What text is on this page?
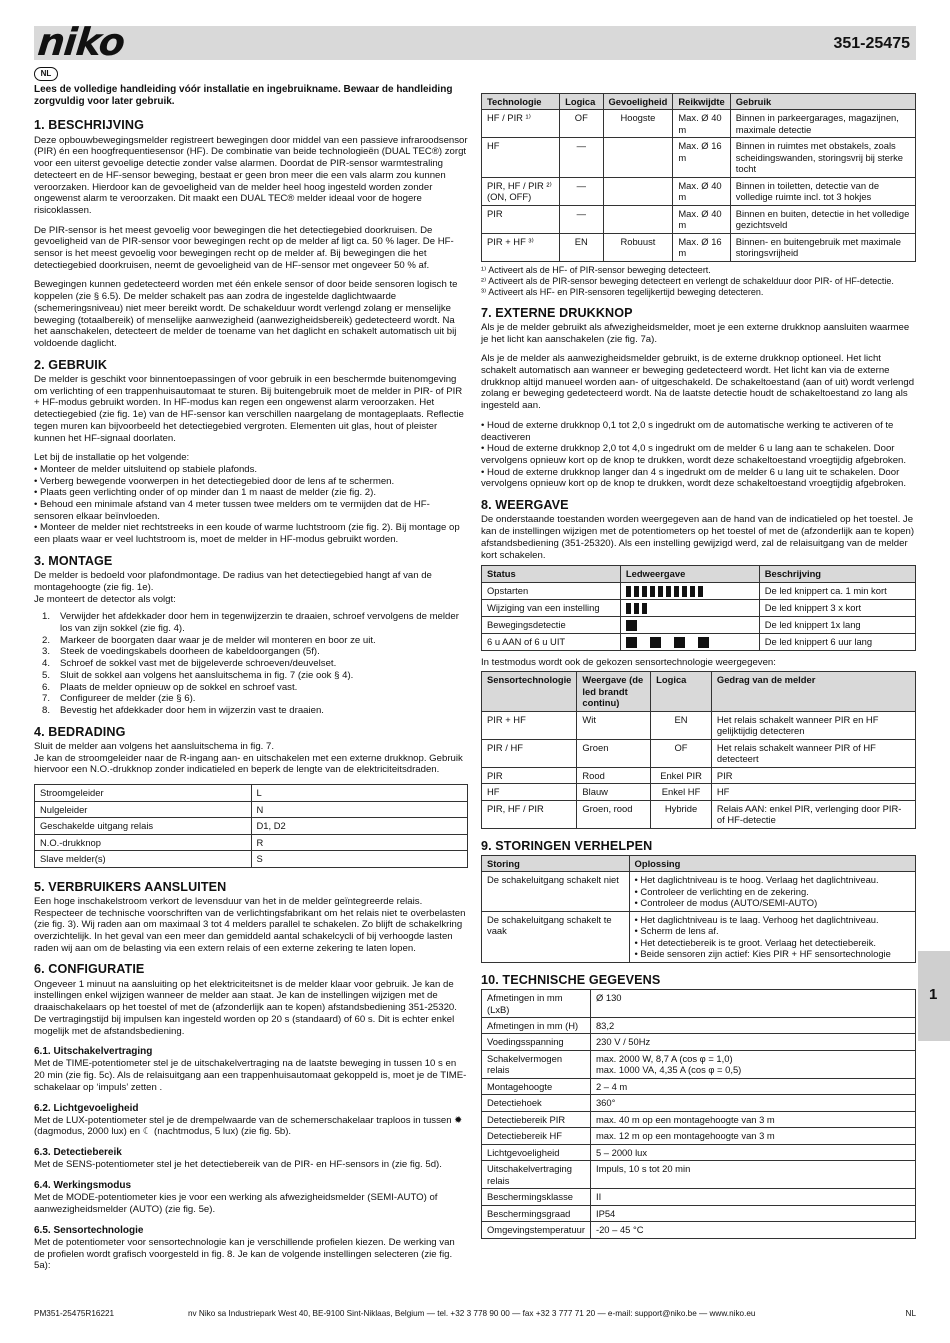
niko	351-25475
NL

Lees de volledige handleiding vóór installatie en ingebruikname. Bewaar de handleiding zorgvuldig voor later gebruik.

1. BESCHRIJVING

Deze opbouwbewegingsmelder registreert bewegingen door middel van een passieve infraroodsensor (PIR) én een hoogfrequentiesensor (HF). De combinatie van beide technologieën (DUAL TEC®) zorgt voor een uiterst gevoelige detectie zonder valse alarmen. Doordat de PIR-sensor warmtestraling detecteert en de HF-sensor beweging, bestaat er geen bron meer die een vals alarm zou kunnen veroorzaken. Hierdoor kan de gevoeligheid van de melder heel hoog ingesteld worden zonder ongewenst alarm te veroorzaken. Dit maakt een DUAL TEC® melder ideaal voor de hogere risicoklassen.

De PIR-sensor is het meest gevoelig voor bewegingen die het detectiegebied doorkruisen. De gevoeligheid van de PIR-sensor voor bewegingen recht op de melder af ligt ca. 50 % lager. De HF-sensor is het meest gevoelig voor bewegingen recht op de melder af. Bij bewegingen die het detectiegebied doorkruisen, neemt de gevoeligheid van de HF-sensor met ongeveer 50 % af.

Bewegingen kunnen gedetecteerd worden met één enkele sensor of door beide sensoren logisch te koppelen (zie § 6.5). De melder schakelt pas aan zodra de ingestelde daglichtwaarde (schemeringsniveau) niet meer bereikt wordt. De schakelduur wordt verlengd zolang er menselijke beweging (totaalbereik) of menselijke aanwezigheid (aanwezigheidsbereik) gedetecteerd wordt. Na het aanschakelen, detecteert de melder de toename van het daglicht en schakelt automatisch uit bij voldoende daglicht.

2. GEBRUIK

De melder is geschikt voor binnentoepassingen of voor gebruik in een beschermde buitenomgeving om verlichting of een trappenhuisautomaat te sturen. Bij buitengebruik moet de melder in PIR- of PIR + HF-modus gebruikt worden. In HF-modus kan regen een ongewenst alarm veroorzaken. Het detectiegebied (zie fig. 1e) van de HF-sensor kan verschillen naargelang de montageplaats. Reflectie tegen muren kan bijvoorbeeld het detectiegebied vergroten. Elementen uit glas, hout of pleister kunnen het HF-signaal doorlaten.

Let bij de installatie op het volgende:

• Monteer de melder uitsluitend op stabiele plafonds.
• Verberg bewegende voorwerpen in het detectiegebied door de lens af te schermen.
• Plaats geen verlichting onder of op minder dan 1 m naast de melder (zie fig. 2).
• Behoud een minimale afstand van 4 meter tussen twee melders om te vermijden dat de HF-sensoren elkaar beïnvloeden.
• Monteer de melder niet rechtstreeks in een koude of warme luchtstroom (zie fig. 2). Bij montage op een plaats waar er veel luchtstroom is, moet de melder in HF-modus gebruikt worden.
3. MONTAGE

De melder is bedoeld voor plafondmontage. De radius van het detectiegebied hangt af van de montagehoogte (zie fig. 1e).

Je monteert de detector als volgt:

1.	Verwijder het afdekkader door hem in tegenwijzerzin te draaien, schroef vervolgens de melder los van zijn sokkel (zie fig. 4).
2.	Markeer de boorgaten daar waar je de melder wil monteren en boor ze uit.
3.	Steek de voedingskabels doorheen de kabeldoorgangen (5f).
4.	Schroef de sokkel vast met de bijgeleverde schroeven/deuvelset.
5.	Sluit de sokkel aan volgens het aansluitschema in fig. 7 (zie ook § 4).
6.	Plaats de melder opnieuw op de sokkel en schroef vast.
7.	Configureer de melder (zie § 6).
8.	Bevestig het afdekkader door hem in wijzerzin vast te draaien.
4. BEDRADING

Sluit de melder aan volgens het aansluitschema in fig. 7.

Je kan de stroomgeleider naar de R-ingang aan- en uitschakelen met een externe drukknop. Gebruik hiervoor een N.O.-drukknop zonder indicatieled en beperk de lengte van de elektriciteitsdraden.

Stroomgeleider	L
Nulgeleider	N
Geschakelde uitgang relais	D1, D2
N.O.-drukknop	R
Slave melder(s)	S
5. VERBRUIKERS AANSLUITEN

Een hoge inschakelstroom verkort de levensduur van het in de melder geïntegreerde relais. Respecteer de technische voorschriften van de verlichtingsfabrikant om het relais niet te overbelasten (zie fig. 3). Wij raden aan om maximaal 3 tot 4 melders parallel te schakelen. Zo blijft de schakelkring overzichtelijk. In het geval van een meer dan gemiddeld aantal schakelcycli of bij verhoogde lasten raden wij aan om de belasting via een extern relais of een externe zekering te laten lopen.

6. CONFIGURATIE

Ongeveer 1 minuut na aansluiting op het elektriciteitsnet is de melder klaar voor gebruik. Je kan de instellingen enkel wijzigen wanneer de melder aan staat. Je kan de instellingen wijzigen met de draaischakelaars op het toestel of met de (afzonderlijk aan te kopen) afstandsbediening 351-25320. De vertragingstijd bij impulsen kan ingesteld worden op 20 s (standaard) of 60 s. Dit is echter enkel mogelijk met de afstandsbediening.

6.1. Uitschakelvertraging

Met de TIME-potentiometer stel je de uitschakelvertraging na de laatste beweging in tussen 10 s en 20 min (zie fig. 5c). Als de relaisuitgang aan een trappenhuisautomaat gekoppeld is, moet je de TIME-schakelaar op ‘impuls’ zetten .

6.2. Lichtgevoeligheid

Met de LUX-potentiometer stel je de drempelwaarde van de schemerschakelaar traploos in tussen ✹ (dagmodus, 2000 lux) en ☾ (nachtmodus, 5 lux) (zie fig. 5b).

6.3. Detectiebereik

Met de SENS-potentiometer stel je het detectiebereik van de PIR- en HF-sensors in (zie fig. 5d).

6.4. Werkingsmodus

Met de MODE-potentiometer kies je voor een werking als afwezigheidsmelder (SEMI-AUTO) of aanwezigheidsmelder (AUTO) (zie fig. 5e).

6.5. Sensortechnologie

Met de potentiometer voor sensortechnologie kan je verschillende profielen kiezen. De werking van de profielen wordt grafisch voorgesteld in fig. 8. Je kan de volgende instellingen selecteren (zie fig. 5a):

Technologie	Logica	Gevoeligheid	Reikwijdte	Gebruik
HF / PIR ¹⁾	OF	Hoogste	Max. Ø 40 m	Binnen in parkeergarages, magazijnen, maximale detectie
HF	—		Max. Ø 16 m	Binnen in ruimtes met obstakels, zoals scheidingswanden, storingsvrij bij sterke tocht
PIR, HF / PIR ²⁾ (ON, OFF)	—		Max. Ø 40 m	Binnen in toiletten, detectie van de volledige ruimte incl. tot 3 hokjes
PIR	—		Max. Ø 40 m	Binnen en buiten, detectie in het volledige gezichtsveld
PIR + HF ³⁾	EN	Robuust	Max. Ø 16 m	Binnen- en buitengebruik met maximale storingsvrijheid
¹⁾ Activeert als de HF- of PIR-sensor beweging detecteert.
²⁾ Activeert als de PIR-sensor beweging detecteert en verlengt de schakelduur door PIR- of HF-detectie.
³⁾ Activeert als HF- en PIR-sensoren tegelijkertijd beweging detecteren.
7. EXTERNE DRUKKNOP

Als je de melder gebruikt als afwezigheidsmelder, moet je een externe drukknop aansluiten waarmee je het licht kan aanschakelen (zie fig. 7a).

Als je de melder als aanwezigheidsmelder gebruikt, is de externe drukknop optioneel. Het licht schakelt automatisch aan wanneer er beweging gedetecteerd wordt. Het licht kan via de externe drukknop altijd manueel worden aan- of uitgeschakeld. De schakeltoestand (aan of uit) wordt verlengd zolang er beweging gedetecteerd wordt. Na de laatste detectie houdt de schakeltoestand zo lang als ingesteld aan.

• Houd de externe drukknop 0,1 tot 2,0 s ingedrukt om de automatische werking te activeren of te deactiveren
• Houd de externe drukknop 2,0 tot 4,0 s ingedrukt om de melder 6 u lang aan te schakelen. Door vervolgens opnieuw kort op de knop te drukken, wordt deze schakeltoestand vroegtijdig afgebroken.
• Houd de externe drukknop langer dan 4 s ingedrukt om de melder 6 u lang uit te schakelen. Door vervolgens opnieuw kort op de knop te drukken, wordt deze schakeltoestand vroegtijdig afgebroken.
8. WEERGAVE

De onderstaande toestanden worden weergegeven aan de hand van de indicatieled op het toestel. Je kan de instellingen wijzigen met de potentiometers op het toestel of met de (afzonderlijk aan te kopen) afstandsbediening (351-25320). Als een instelling gewijzigd werd, zal de relaisuitgang van de melder kort schakelen.

Status	Ledweergave	Beschrijving
Opstarten		De led knippert ca. 1 min kort
Wijziging van een instelling		De led knippert 3 x kort
Bewegingsdetectie		De led knippert 1x lang
6 u AAN of 6 u UIT		De led knippert 6 uur lang

In testmodus wordt ook de gekozen sensortechnologie weergegeven:

Sensortechnologie	Weergave (de led brandt continu)	Logica	Gedrag van de melder
PIR + HF	Wit	EN	Het relais schakelt wanneer PIR en HF gelijktijdig detecteren
PIR / HF	Groen	OF	Het relais schakelt wanneer PIR of HF detecteert
PIR	Rood	Enkel PIR	PIR
HF	Blauw	Enkel HF	HF
PIR, HF / PIR	Groen, rood	Hybride	Relais AAN: enkel PIR, verlenging door PIR- of HF-detectie
9. STORINGEN VERHELPEN
Storing	Oplossing
De schakeluitgang schakelt niet	• Het daglichtniveau is te hoog. Verlaag het daglichtniveau.
• Controleer de verlichting en de zekering.
• Controleer de modus (AUTO/SEMI-AUTO)

De schakeluitgang schakelt te vaak	• Het daglichtniveau is te laag. Verhoog het daglichtniveau.
• Scherm de lens af.
• Het detectiebereik is te groot. Verlaag het detectiebereik.
• Beide sensoren zijn actief: Kies PIR + HF sensortechnologie
10. TECHNISCHE GEGEVENS
Afmetingen in mm (LxB)	Ø 130
Afmetingen in mm (H)	83,2
Voedingsspanning	230 V / 50Hz
Schakelvermogen relais	max. 2000 W, 8,7 A (cos φ = 1,0)
max. 1000 VA, 4,35 A (cos φ = 0,5)
Montagehoogte	2 – 4 m
Detectiehoek	360°
Detectiebereik PIR	max. 40 m op een montagehoogte van 3 m
Detectiebereik HF	max. 12 m op een montagehoogte van 3 m
Lichtgevoeligheid	5 – 2000 lux
Uitschakelvertraging relais	Impuls, 10 s tot 20 min
Beschermingsklasse	II
Beschermingsgraad	IP54
Omgevingstemperatuur	-20 – 45 °C
1
PM351-25475R16221	nv Niko sa Industriepark West 40, BE-9100 Sint-Niklaas, Belgium — tel. +32 3 778 90 00 — fax +32 3 777 71 20 — e-mail: support@niko.be — www.niko.eu	NL
